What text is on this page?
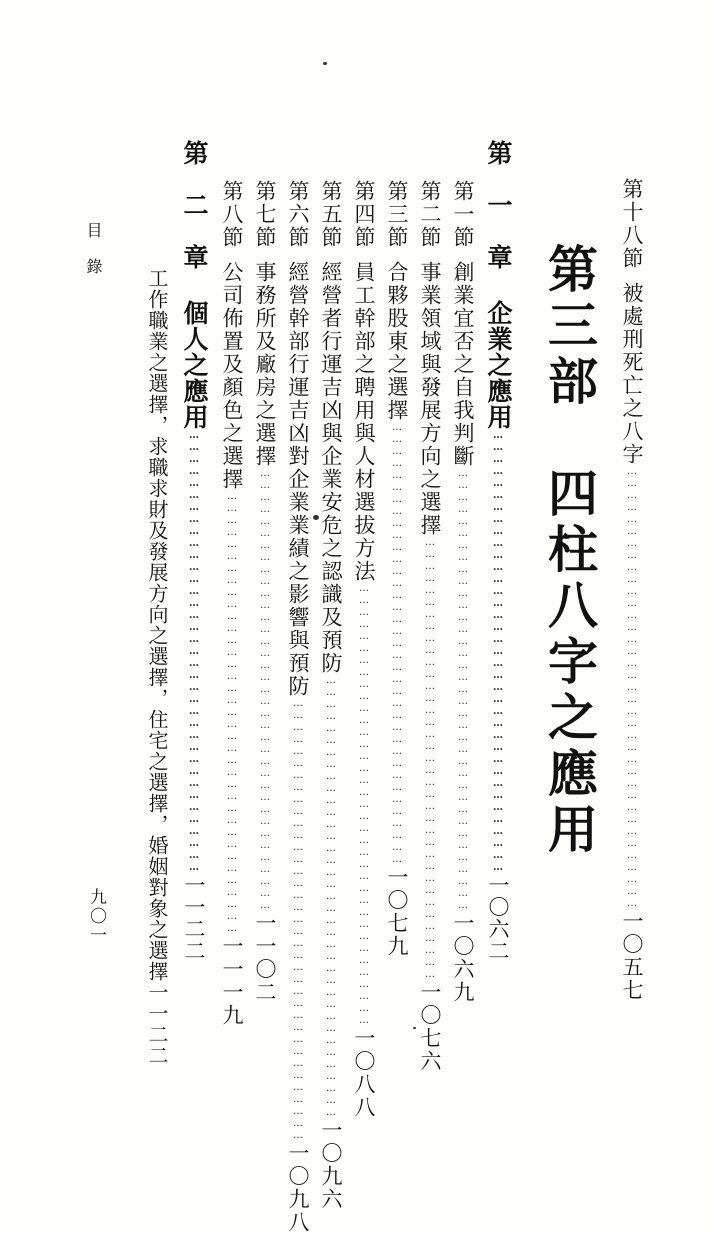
第十八節
被處刑死亡之八字
…………………………………………………………………………………………………
一〇五七
第三部　四柱八字之應用
第　一　章
企業之應用
…………………………………………………………………………………………………
一〇六二
第一節
創業宜否之自我判斷
…………………………………………………………………………………………………
一〇六九
第二節
事業領域與發展方向之選擇
…………………………………………………………………………………………………
一〇七六
第三節
合夥股東之選擇
…………………………………………………………………………………………………
一〇七九
第四節
員工幹部之聘用與人材選拔方法
…………………………………………………………………………………………………
一〇八八
第五節
經營者行運吉凶與企業安危之認識及預防
…………………………………………………………………………………………………
一〇九六
第六節
經營幹部行運吉凶對企業業績之影響與預防
…………………………………………………………………………………………………
一〇九八
第七節
事務所及廠房之選擇
…………………………………………………………………………………………………
一一〇二
第八節
公司佈置及顏色之選擇
…………………………………………………………………………………………………
一一一九
第　二　章
個人之應用
…………………………………………………………………………………………………
一一二二
工作職業之選擇，求職求財及發展方向之選擇，住宅之選擇，婚姻對象之選擇
一一二二
目錄
九〇一
